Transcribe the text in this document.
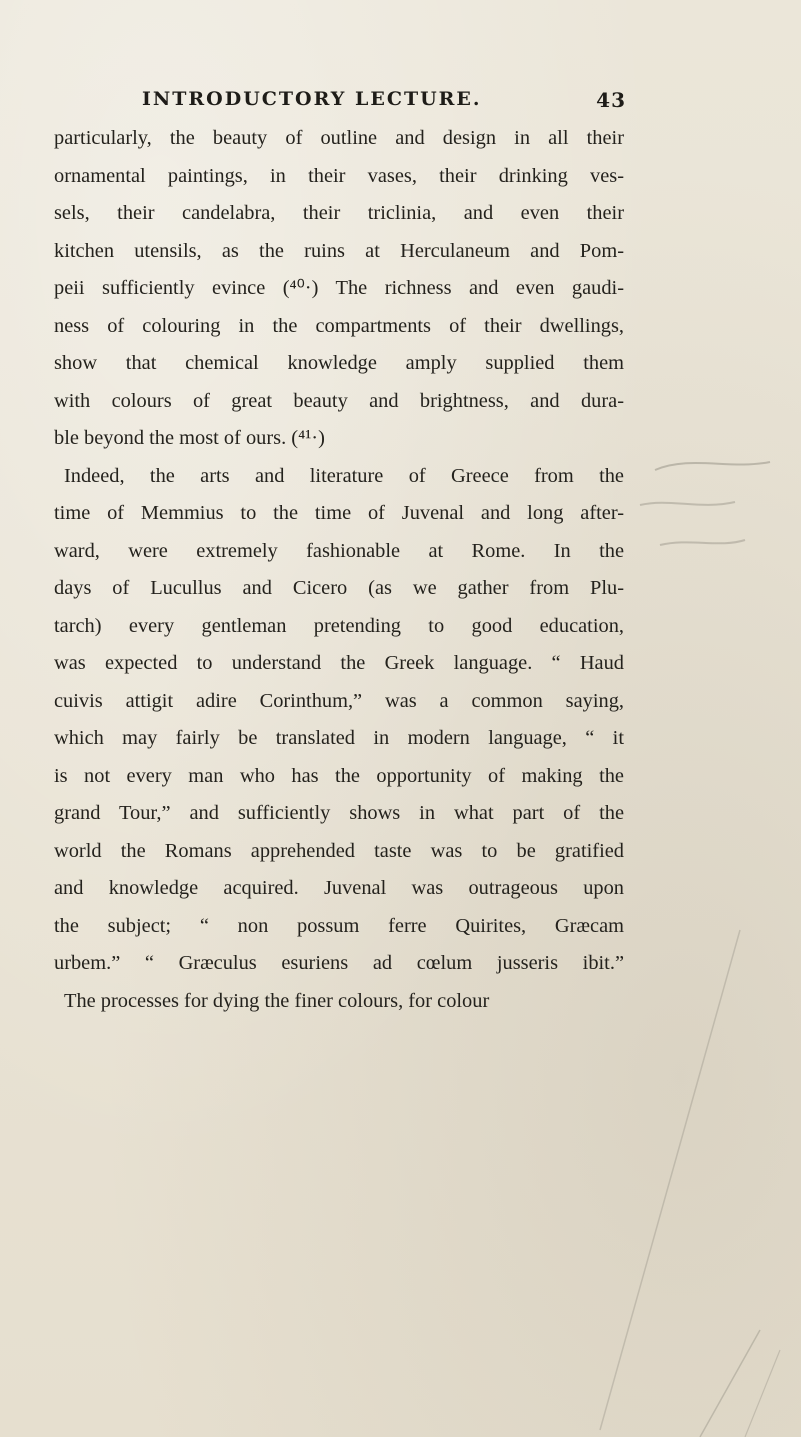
INTRODUCTORY LECTURE.	43
particularly, the beauty of outline and design in all their
ornamental paintings, in their vases, their drinking ves-
sels, their candelabra, their triclinia, and even their
kitchen utensils, as the ruins at Herculaneum and Pom-
peii sufficiently evince (⁴⁰·) The richness and even gaudi-
ness of colouring in the compartments of their dwellings,
show that chemical knowledge amply supplied them
with colours of great beauty and brightness, and dura-
ble beyond the most of ours. (⁴¹·)
Indeed, the arts and literature of Greece from the
time of Memmius to the time of Juvenal and long after-
ward, were extremely fashionable at Rome. In the
days of Lucullus and Cicero (as we gather from Plu-
tarch) every gentleman pretending to good education,
was expected to understand the Greek language. “ Haud
cuivis attigit adire Corinthum,” was a common saying,
which may fairly be translated in modern language, “ it
is not every man who has the opportunity of making the
grand Tour,” and sufficiently shows in what part of the
world the Romans apprehended taste was to be gratified
and knowledge acquired. Juvenal was outrageous upon
the subject; “ non possum ferre Quirites, Græcam
urbem.” “ Græculus esuriens ad cœlum jusseris ibit.”
The processes for dying the finer colours, for colour
